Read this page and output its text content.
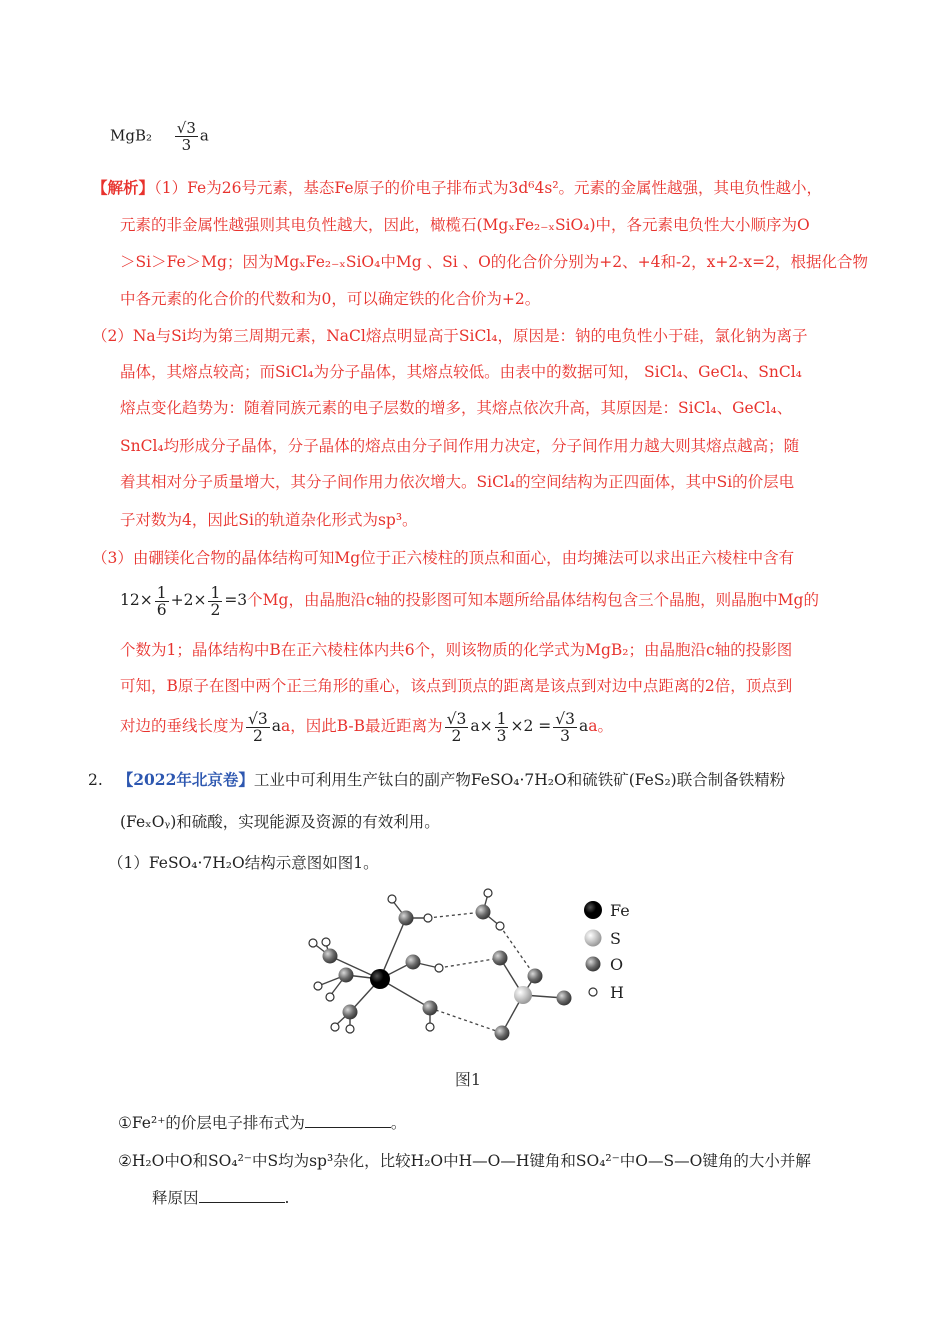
$MgB_2 \frac{√3}{3}$ a
【解析】（1）Fe为26号元素，基态Fe原子的价电子排布式为3d⁶4s²。元素的金属性越强，其电负性越小，
元素的非金属性越强则其电负性越大，因此，橄榄石(MgₓFe₂₋ₓSiO₄)中，各元素电负性大小顺序为O
＞Si＞Fe＞Mg；因为MgₓFe₂₋ₓSiO₄中Mg 、Si 、O的化合价分别为+2、+4和-2，x+2-x=2，根据化合物
中各元素的化合价的代数和为0，可以确定铁的化合价为+2。
（2）Na与Si均为第三周期元素，NaCl熔点明显高于SiCl₄，原因是：钠的电负性小于硅，氯化钠为离子
晶体，其熔点较高；而SiCl₄为分子晶体，其熔点较低。由表中的数据可知， SiCl₄、GeCl₄、SnCl₄
熔点变化趋势为：随着同族元素的电子层数的增多，其熔点依次升高，其原因是：SiCl₄、GeCl₄、
SnCl₄均形成分子晶体，分子晶体的熔点由分子间作用力决定，分子间作用力越大则其熔点越高；随
着其相对分子质量增大，其分子间作用力依次增大。SiCl₄的空间结构为正四面体，其中Si的价层电
子对数为4，因此Si的轨道杂化形式为sp³。
（3）由硼镁化合物的晶体结构可知Mg位于正六棱柱的顶点和面心，由均摊法可以求出正六棱柱中含有
$12\times \frac{1}{6} +2\times \frac{1}{2} =3$个Mg，由晶胞沿c轴的投影图可知本题所给晶体结构包含三个晶胞，则晶胞中Mg的
个数为1；晶体结构中B在正六棱柱体内共6个，则该物质的化学式为MgB₂；由晶胞沿c轴的投影图
可知，B原子在图中两个正三角形的重心，该点到顶点的距离是该点到对边中点距离的2倍，顶点到
对边的垂线长度为 $\frac{√3}{2}$ aa，因此B-B最近距离为 $\frac{√3}{2} a\times \frac{1}{3} \times 2 = \frac{√3}{3}$ aa。
2. 【2022年北京卷】工业中可利用生产钛白的副产物FeSO₄·7H₂O和硫铁矿(FeS₂)联合制备铁精粉
(FeₓOᵧ)和硫酸，实现能源及资源的有效利用。
（1）FeSO₄·7H₂O结构示意图如图1。
Fe
S
O
H
图1
①Fe²⁺的价层电子排布式为	。
②H₂O中O和SO₄²⁻中S均为sp³杂化，比较H₂O中H—O—H键角和SO₄²⁻中O—S—O键角的大小并解
释原因	.
